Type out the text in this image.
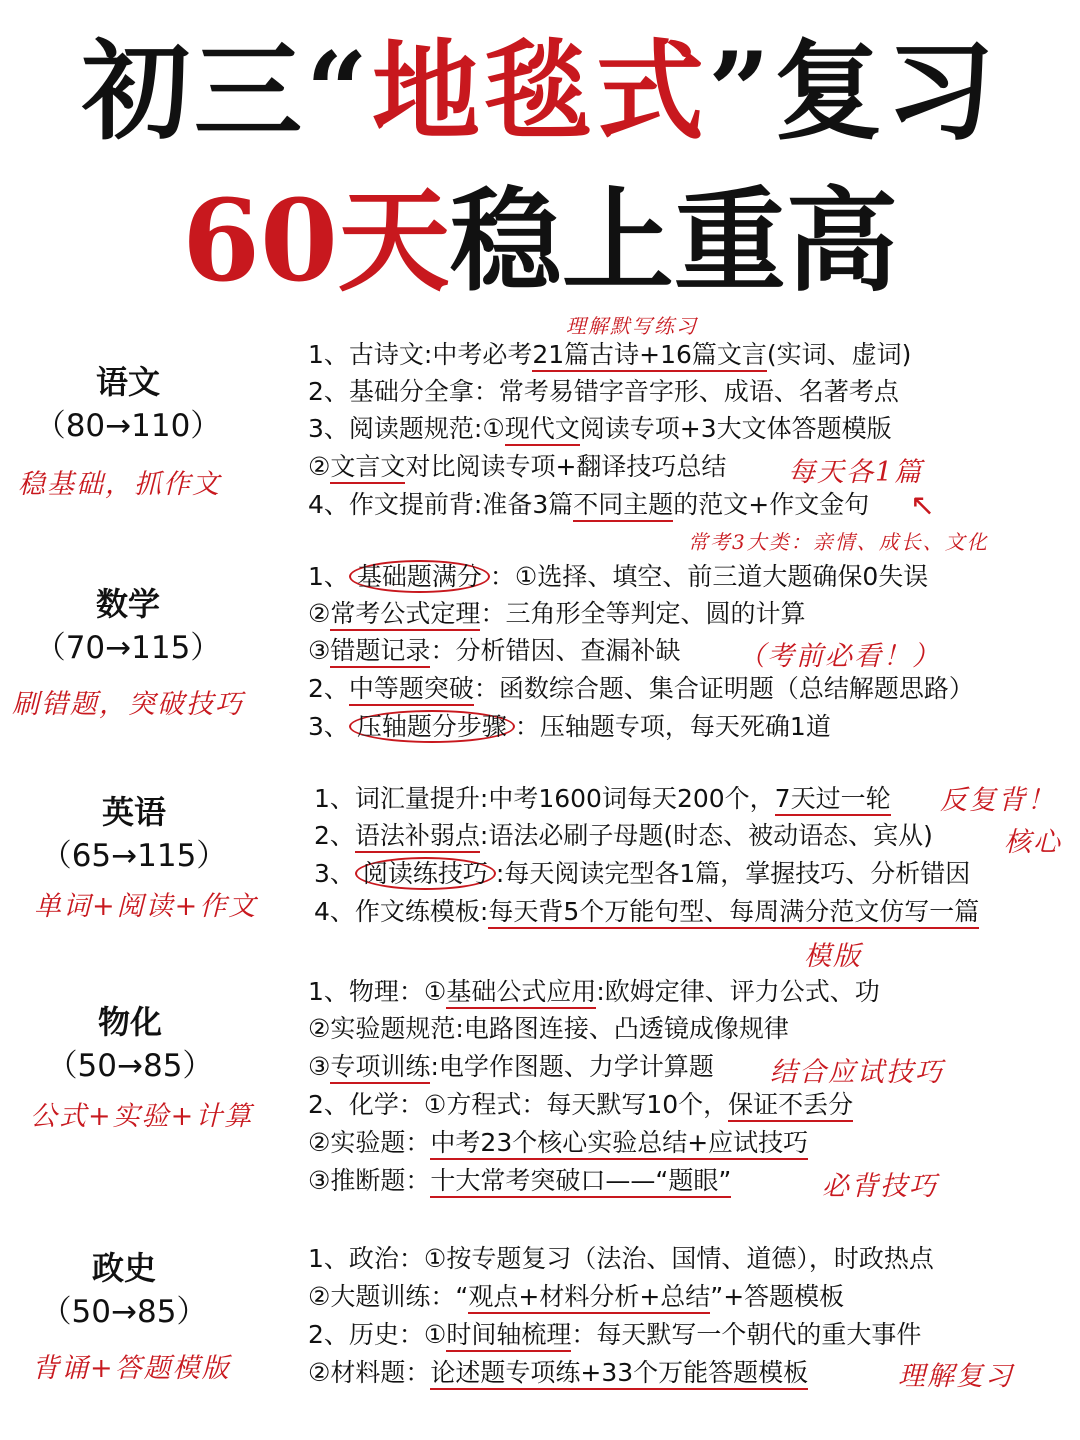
初三“地毯式”复习
60天稳上重高
语文
（80→110）
稳基础，抓作文
理解默写练习
1、古诗文:中考必考21篇古诗+16篇文言(实词、虚词)
2、基础分全拿：常考易错字音字形、成语、名著考点
3、阅读题规范:①现代文阅读专项+3大文体答题模版
②文言文对比阅读专项+翻译技巧总结 每天各1篇
4、作文提前背:准备3篇不同主题的范文+作文金句 ↖
常考3大类：亲情、成长、文化
数学
（70→115）
刷错题，突破技巧
1、 基础题满分 ：①选择、填空、前三道大题确保0失误
②常考公式定理：三角形全等判定、圆的计算
③错题记录：分析错因、查漏补缺 （考前必看！）
2、中等题突破：函数综合题、集合证明题（总结解题思路）
3、 压轴题分步骤 ：压轴题专项，每天死确1道
英语
（65→115）
单词+阅读+作文
1、词汇量提升:中考1600词每天200个，7天过一轮 反复背！
2、语法补弱点:语法必刷子母题(时态、被动语态、宾从)	核心
3、 阅读练技巧 :每天阅读完型各1篇，掌握技巧、分析错因
4、作文练模板:每天背5个万能句型、每周满分范文仿写一篇
模版
物化
（50→85）
公式+实验+计算
1、物理：①基础公式应用:欧姆定律、评力公式、功
②实验题规范:电路图连接、凸透镜成像规律
③专项训练:电学作图题、力学计算题 结合应试技巧
2、化学：①方程式：每天默写10个，保证不丢分
②实验题：中考23个核心实验总结+应试技巧
③推断题：十大常考突破口——“题眼”	必背技巧
政史
（50→85）
背诵+答题模版
1、政治：①按专题复习（法治、国情、道德），时政热点
②大题训练：“观点+材料分析+总结”+答题模板
2、历史：①时间轴梳理：每天默写一个朝代的重大事件
②材料题：论述题专项练+33个万能答题模板	理解复习
